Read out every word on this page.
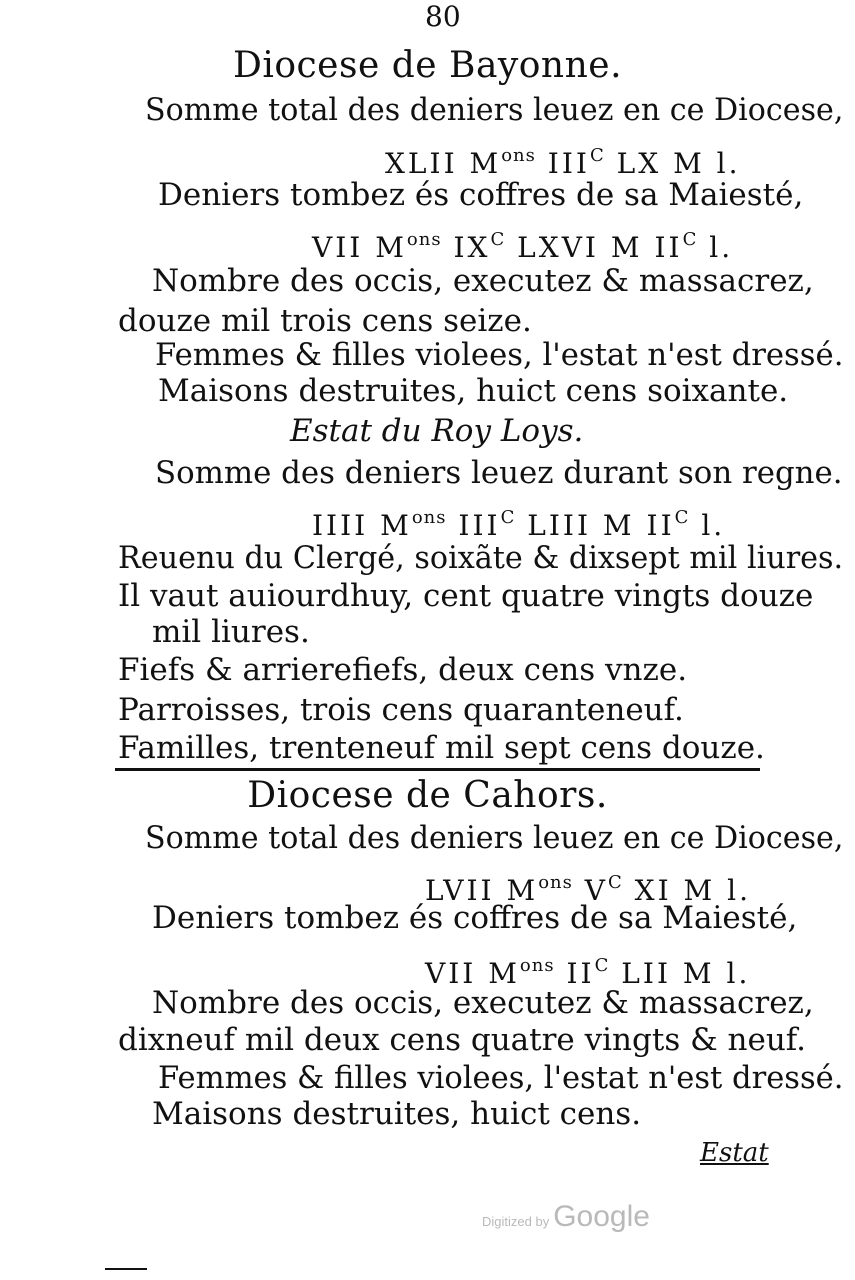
80
Diocese de Bayonne.
Somme total des deniers leuez en ce Diocese,
XLII $M^{ons}$ $III^C$ LX M l.
Deniers tombez és coffres de sa Maiesté,
VII $M^{ons}$ $IX^C$ LXVI M $II^C$ l.
Nombre des occis, executez & massacrez,
douze mil trois cens seize.
Femmes & filles violees, l'estat n'est dressé.
Maisons destruites, huict cens soixante.
Estat du Roy Loys.
Somme des deniers leuez durant son regne.
IIII $M^{ons}$ $III^C$ LIII M $II^C$ l.
Reuenu du Clergé, soixãte & dixsept mil liures.
Il vaut auiourdhuy, cent quatre vingts douze
mil liures.
Fiefs & arrierefiefs, deux cens vnze.
Parroisses, trois cens quaranteneuf.
Familles, trenteneuf mil sept cens douze.
Diocese de Cahors.
Somme total des deniers leuez en ce Diocese,
LVII $M^{ons}$ $V^C$ XI M l.
Deniers tombez és coffres de sa Maiesté,
VII $M^{ons}$ $II^C$ LII M l.
Nombre des occis, executez & massacrez,
dixneuf mil deux cens quatre vingts & neuf.
Femmes & filles violees, l'estat n'est dressé.
Maisons destruites, huict cens.
Estat
Digitized by Google
